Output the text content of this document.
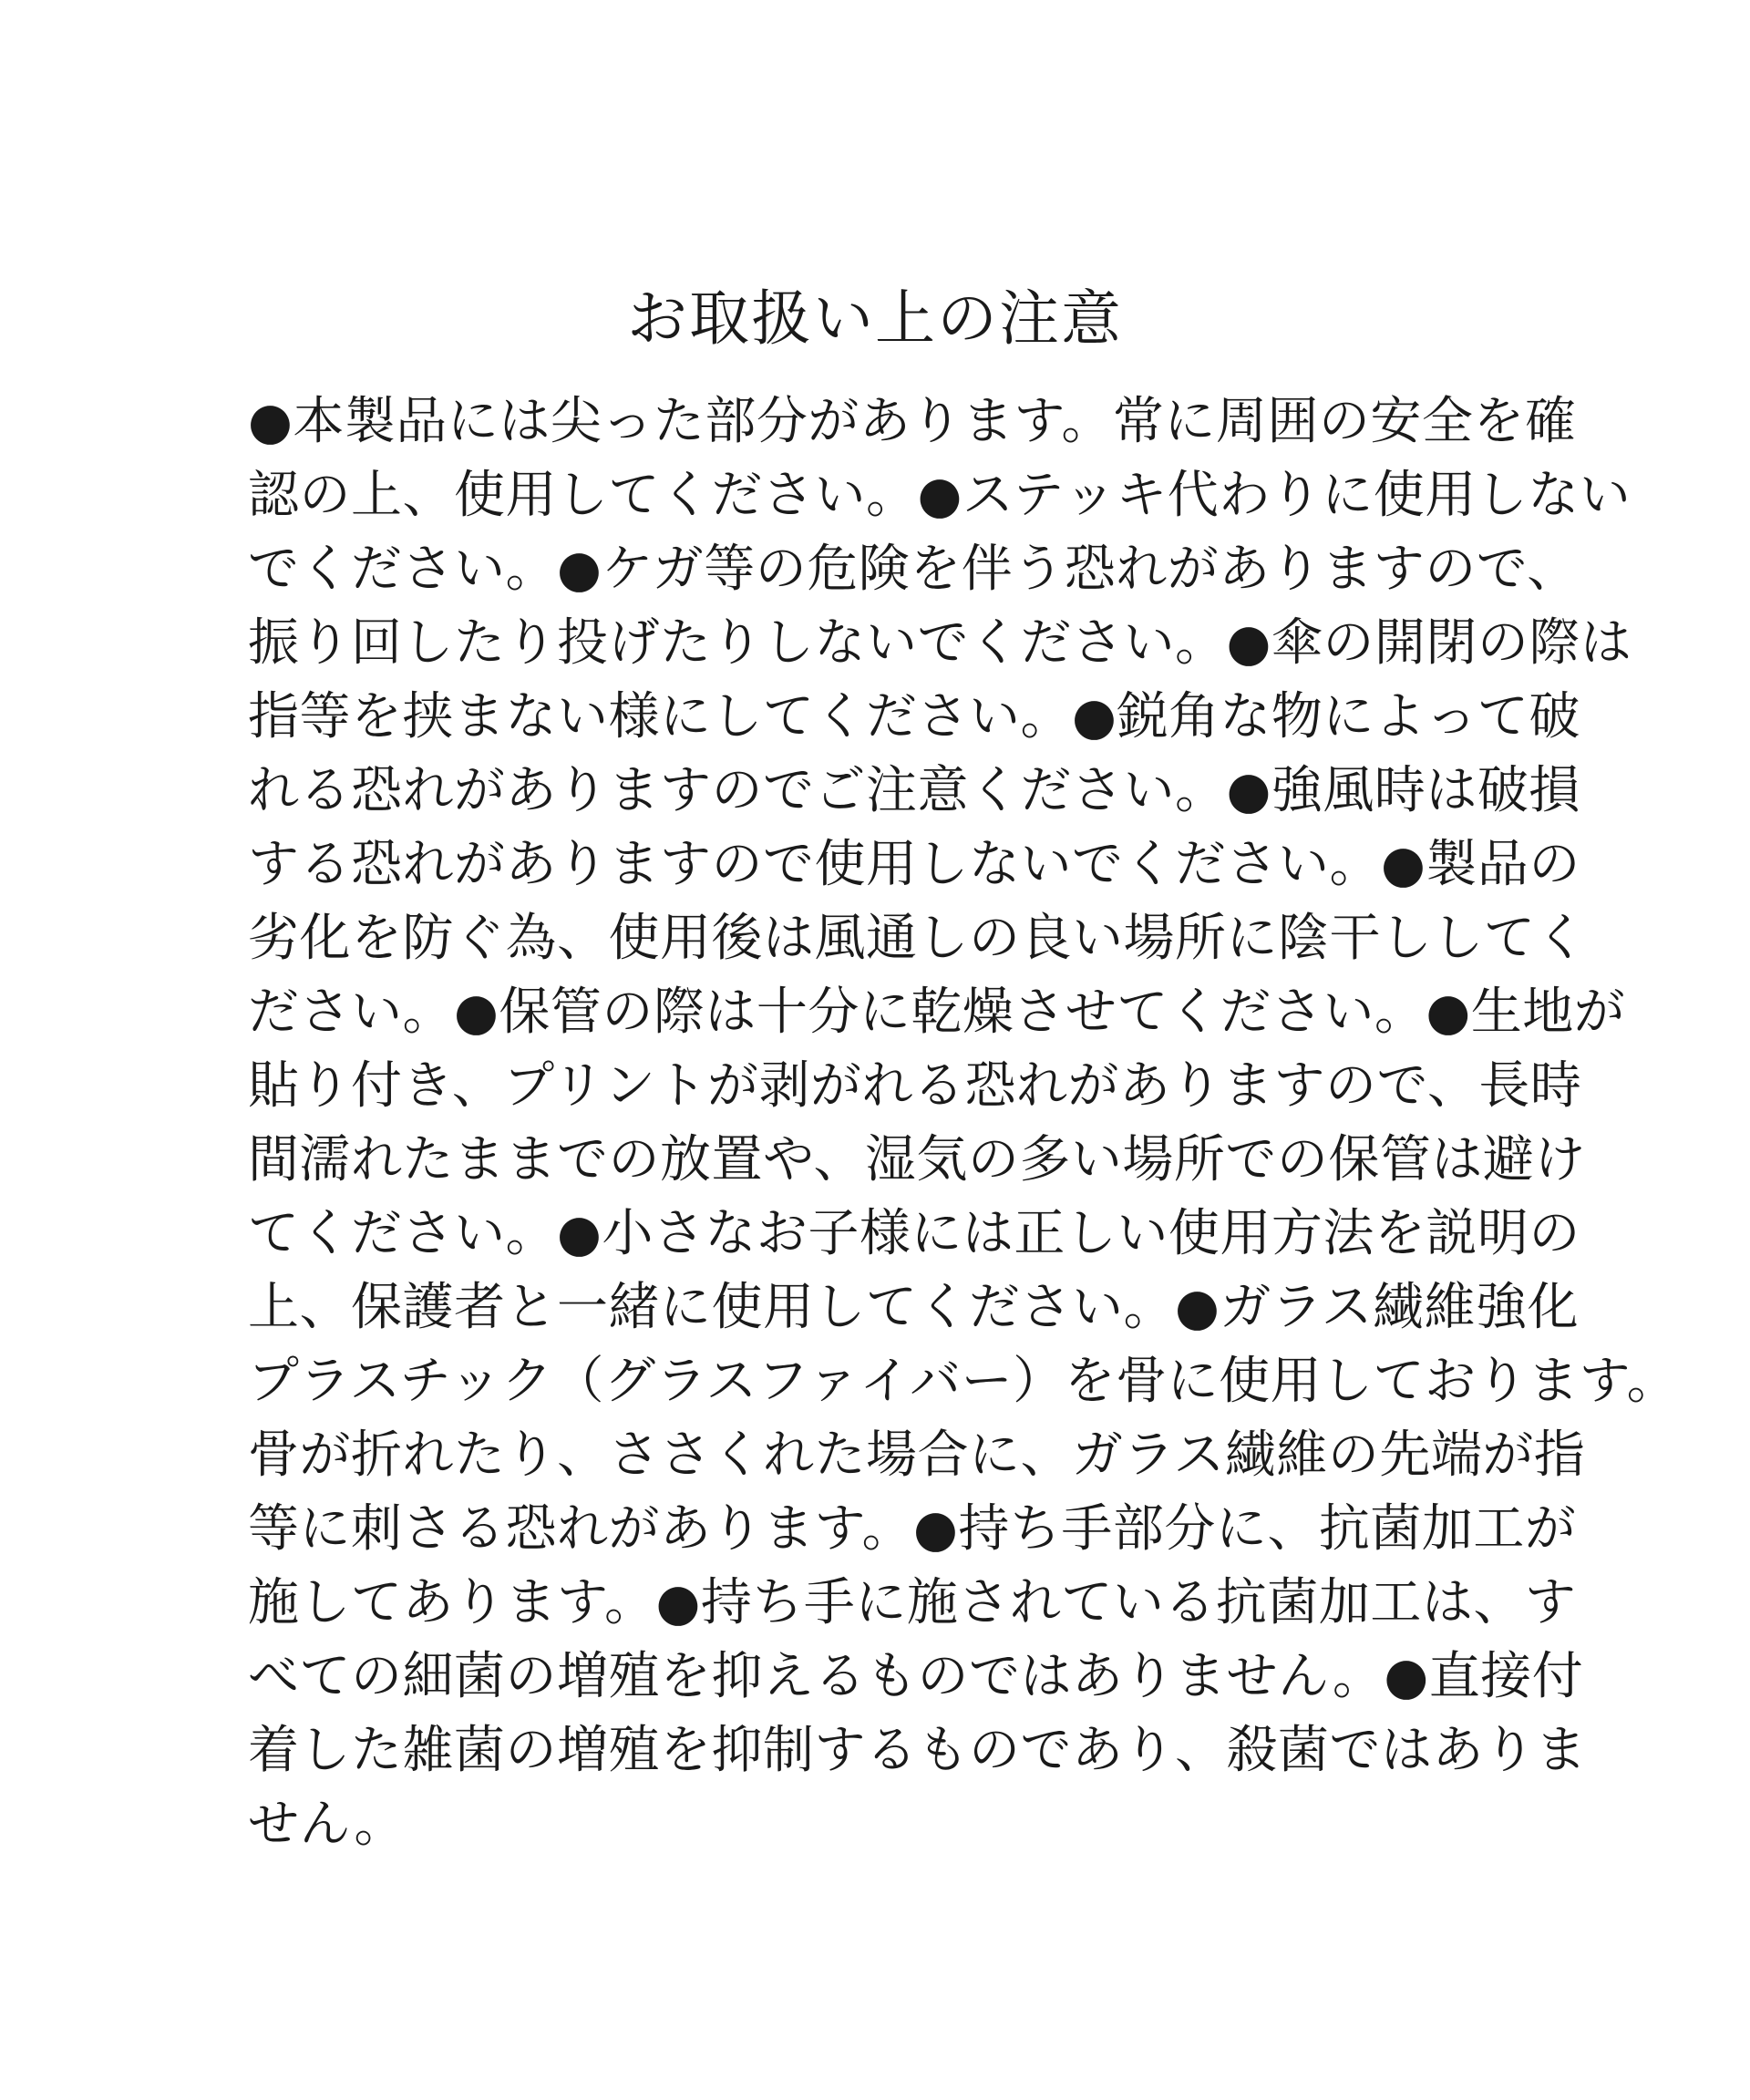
お取扱い上の注意
●本製品には尖った部分があります。常に周囲の安全を確
認の上、使用してください。●ステッキ代わりに使用しない
でください。●ケガ等の危険を伴う恐れがありますので、
振り回したり投げたりしないでください。●傘の開閉の際は
指等を挟まない様にしてください。●鋭角な物によって破
れる恐れがありますのでご注意ください。●強風時は破損
する恐れがありますので使用しないでください。●製品の
劣化を防ぐ為、使用後は風通しの良い場所に陰干ししてく
ださい。●保管の際は十分に乾燥させてください。●生地が
貼り付き、プリントが剥がれる恐れがありますので、長時
間濡れたままでの放置や、湿気の多い場所での保管は避け
てください。●小さなお子様には正しい使用方法を説明の
上、保護者と一緒に使用してください。●ガラス繊維強化
プラスチック（グラスファイバー）を骨に使用しております。
骨が折れたり、ささくれた場合に、ガラス繊維の先端が指
等に刺さる恐れがあります。●持ち手部分に、抗菌加工が
施してあります。●持ち手に施されている抗菌加工は、す
べての細菌の増殖を抑えるものではありません。●直接付
着した雑菌の増殖を抑制するものであり、殺菌ではありま
せん。
